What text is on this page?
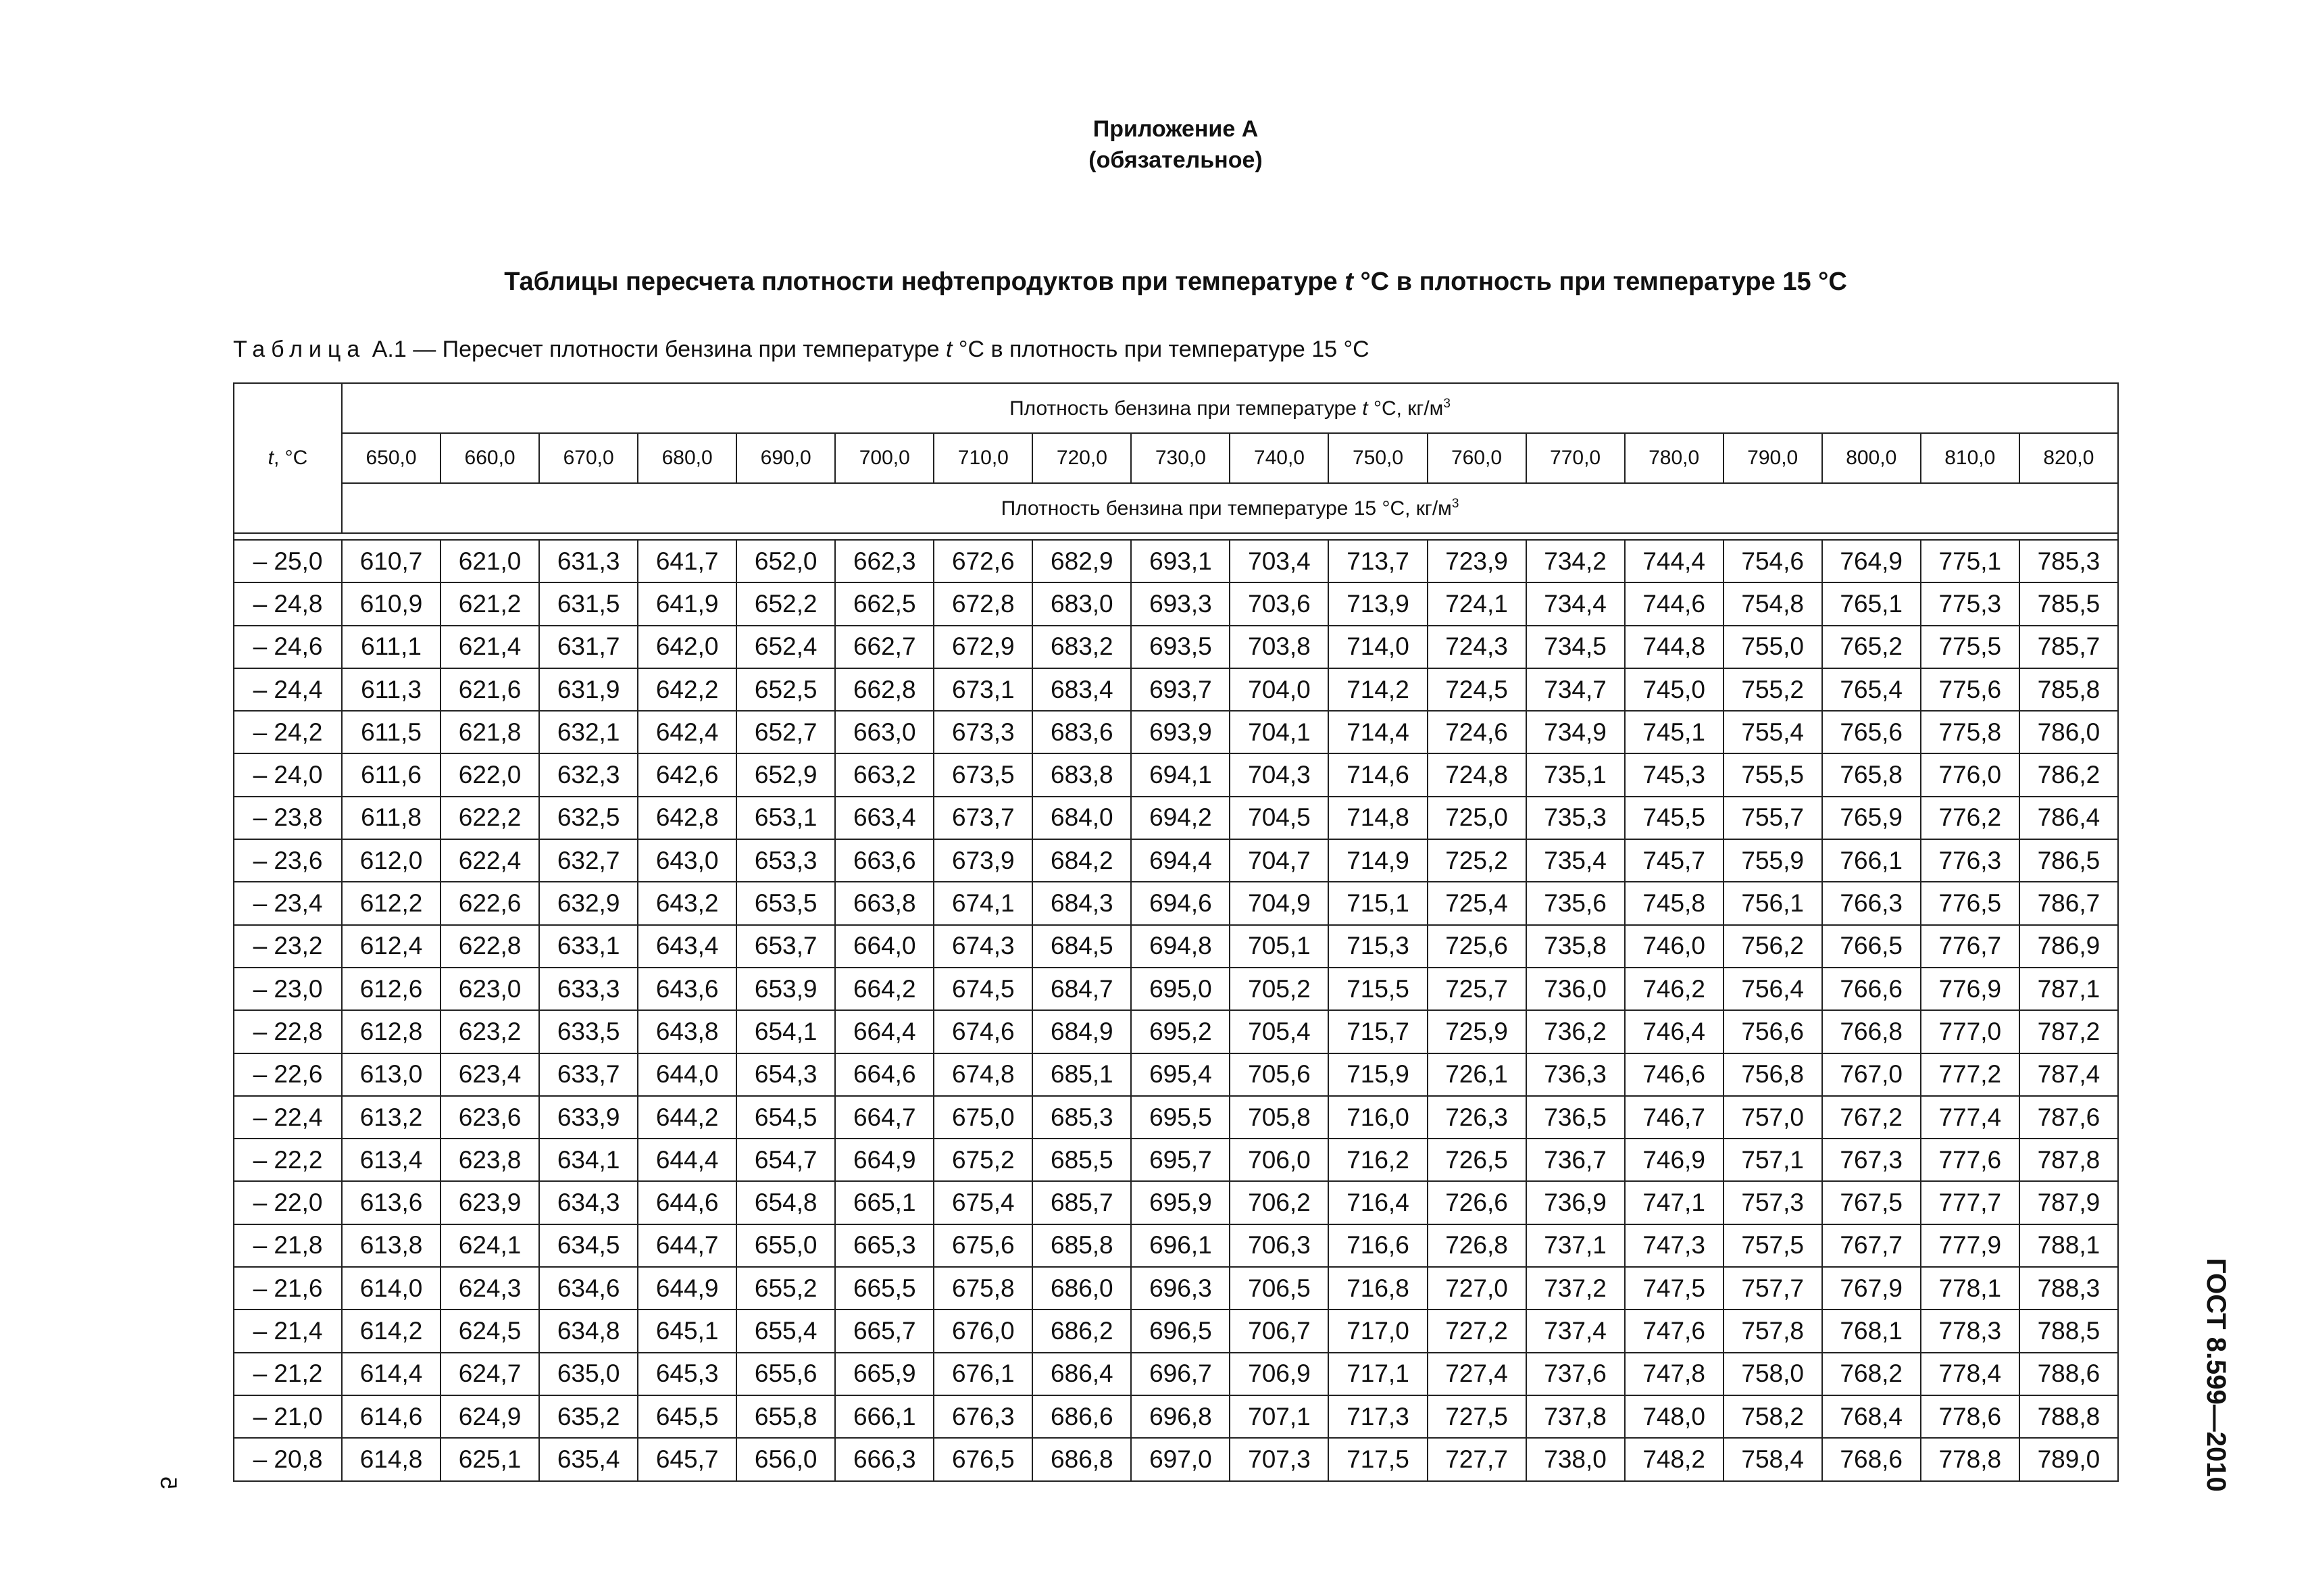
Приложение А
(обязательное)
Таблицы пересчета плотности нефтепродуктов при температуре t °С в плотность при температуре 15 °С
Таблица А.1 — Пересчет плотности бензина при температуре t °С в плотность при температуре 15 °С
t, °С	Плотность бензина при температуре t °С, $кг/м^3$
	650,0	660,0	670,0	680,0	690,0	700,0	710,0	720,0	730,0	740,0	750,0	760,0	770,0	780,0	790,0	800,0	810,0	820,0
	Плотность бензина при температуре 15 °С, $кг/м^3$

– 25,0	610,7	621,0	631,3	641,7	652,0	662,3	672,6	682,9	693,1	703,4	713,7	723,9	734,2	744,4	754,6	764,9	775,1	785,3
– 24,8	610,9	621,2	631,5	641,9	652,2	662,5	672,8	683,0	693,3	703,6	713,9	724,1	734,4	744,6	754,8	765,1	775,3	785,5
– 24,6	611,1	621,4	631,7	642,0	652,4	662,7	672,9	683,2	693,5	703,8	714,0	724,3	734,5	744,8	755,0	765,2	775,5	785,7
– 24,4	611,3	621,6	631,9	642,2	652,5	662,8	673,1	683,4	693,7	704,0	714,2	724,5	734,7	745,0	755,2	765,4	775,6	785,8
– 24,2	611,5	621,8	632,1	642,4	652,7	663,0	673,3	683,6	693,9	704,1	714,4	724,6	734,9	745,1	755,4	765,6	775,8	786,0
– 24,0	611,6	622,0	632,3	642,6	652,9	663,2	673,5	683,8	694,1	704,3	714,6	724,8	735,1	745,3	755,5	765,8	776,0	786,2
– 23,8	611,8	622,2	632,5	642,8	653,1	663,4	673,7	684,0	694,2	704,5	714,8	725,0	735,3	745,5	755,7	765,9	776,2	786,4
– 23,6	612,0	622,4	632,7	643,0	653,3	663,6	673,9	684,2	694,4	704,7	714,9	725,2	735,4	745,7	755,9	766,1	776,3	786,5
– 23,4	612,2	622,6	632,9	643,2	653,5	663,8	674,1	684,3	694,6	704,9	715,1	725,4	735,6	745,8	756,1	766,3	776,5	786,7
– 23,2	612,4	622,8	633,1	643,4	653,7	664,0	674,3	684,5	694,8	705,1	715,3	725,6	735,8	746,0	756,2	766,5	776,7	786,9
– 23,0	612,6	623,0	633,3	643,6	653,9	664,2	674,5	684,7	695,0	705,2	715,5	725,7	736,0	746,2	756,4	766,6	776,9	787,1
– 22,8	612,8	623,2	633,5	643,8	654,1	664,4	674,6	684,9	695,2	705,4	715,7	725,9	736,2	746,4	756,6	766,8	777,0	787,2
– 22,6	613,0	623,4	633,7	644,0	654,3	664,6	674,8	685,1	695,4	705,6	715,9	726,1	736,3	746,6	756,8	767,0	777,2	787,4
– 22,4	613,2	623,6	633,9	644,2	654,5	664,7	675,0	685,3	695,5	705,8	716,0	726,3	736,5	746,7	757,0	767,2	777,4	787,6
– 22,2	613,4	623,8	634,1	644,4	654,7	664,9	675,2	685,5	695,7	706,0	716,2	726,5	736,7	746,9	757,1	767,3	777,6	787,8
– 22,0	613,6	623,9	634,3	644,6	654,8	665,1	675,4	685,7	695,9	706,2	716,4	726,6	736,9	747,1	757,3	767,5	777,7	787,9
– 21,8	613,8	624,1	634,5	644,7	655,0	665,3	675,6	685,8	696,1	706,3	716,6	726,8	737,1	747,3	757,5	767,7	777,9	788,1
– 21,6	614,0	624,3	634,6	644,9	655,2	665,5	675,8	686,0	696,3	706,5	716,8	727,0	737,2	747,5	757,7	767,9	778,1	788,3
– 21,4	614,2	624,5	634,8	645,1	655,4	665,7	676,0	686,2	696,5	706,7	717,0	727,2	737,4	747,6	757,8	768,1	778,3	788,5
– 21,2	614,4	624,7	635,0	645,3	655,6	665,9	676,1	686,4	696,7	706,9	717,1	727,4	737,6	747,8	758,0	768,2	778,4	788,6
– 21,0	614,6	624,9	635,2	645,5	655,8	666,1	676,3	686,6	696,8	707,1	717,3	727,5	737,8	748,0	758,2	768,4	778,6	788,8
– 20,8	614,8	625,1	635,4	645,7	656,0	666,3	676,5	686,8	697,0	707,3	717,5	727,7	738,0	748,2	758,4	768,6	778,8	789,0	ГОСТ 8.599—2010
5
